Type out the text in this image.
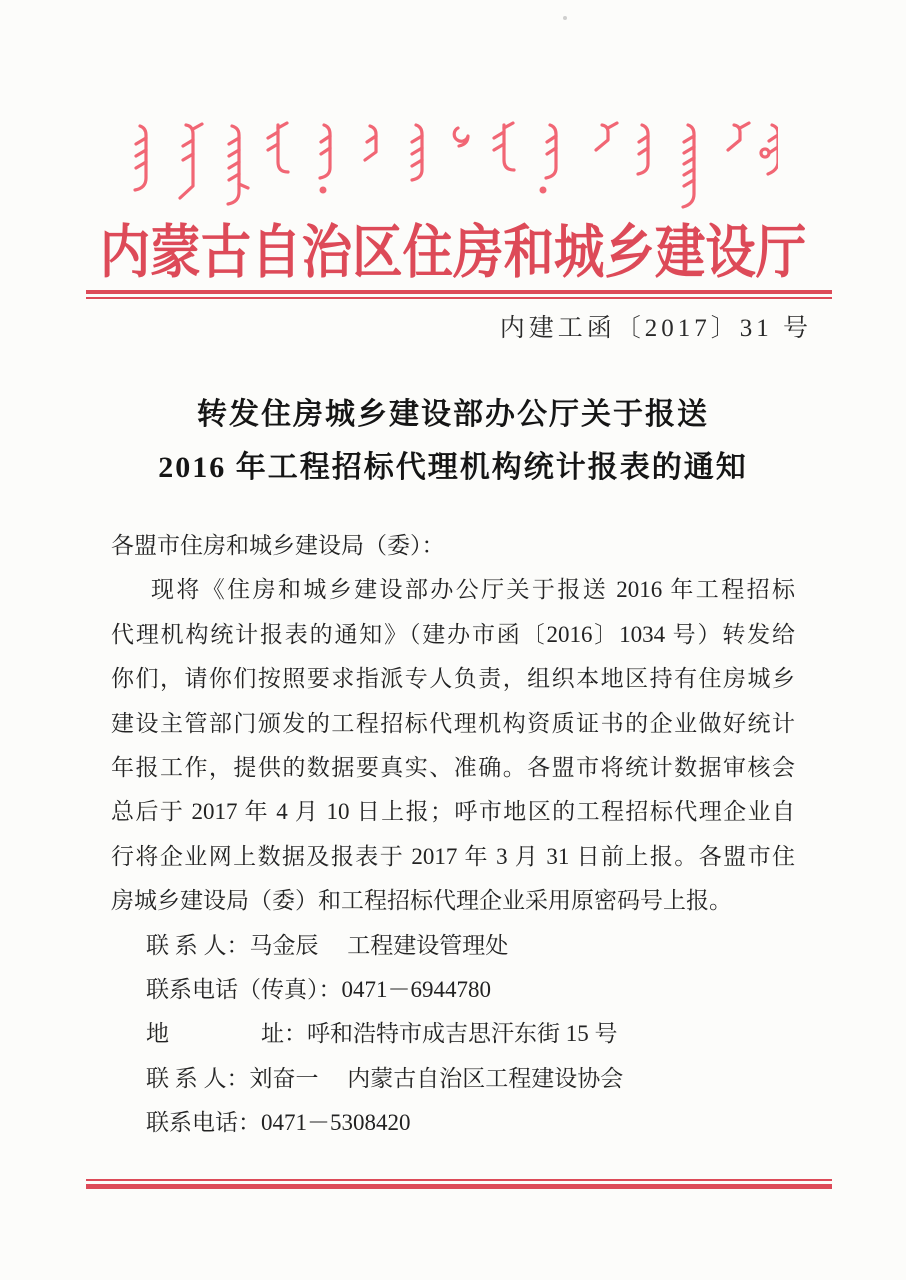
内蒙古自治区住房和城乡建设厅
内建工函〔2017〕31 号
转发住房城乡建设部办公厅关于报送
2016 年工程招标代理机构统计报表的通知
各盟市住房和城乡建设局（委）：
现将《住房和城乡建设部办公厅关于报送 2016 年工程招标
代理机构统计报表的通知》（建办市函〔2016〕1034 号）转发给
你们，请你们按照要求指派专人负责，组织本地区持有住房城乡
建设主管部门颁发的工程招标代理机构资质证书的企业做好统计
年报工作，提供的数据要真实、准确。各盟市将统计数据审核会
总后于 2017 年 4 月 10 日上报；呼市地区的工程招标代理企业自
行将企业网上数据及报表于 2017 年 3 月 31 日前上报。各盟市住
房城乡建设局（委）和工程招标代理企业采用原密码号上报。
联 系 人：马金辰　 工程建设管理处
联系电话（传真）：0471－6944780
地　　　　址：呼和浩特市成吉思汗东街 15 号
联 系 人：刘奋一　 内蒙古自治区工程建设协会
联系电话：0471－5308420
